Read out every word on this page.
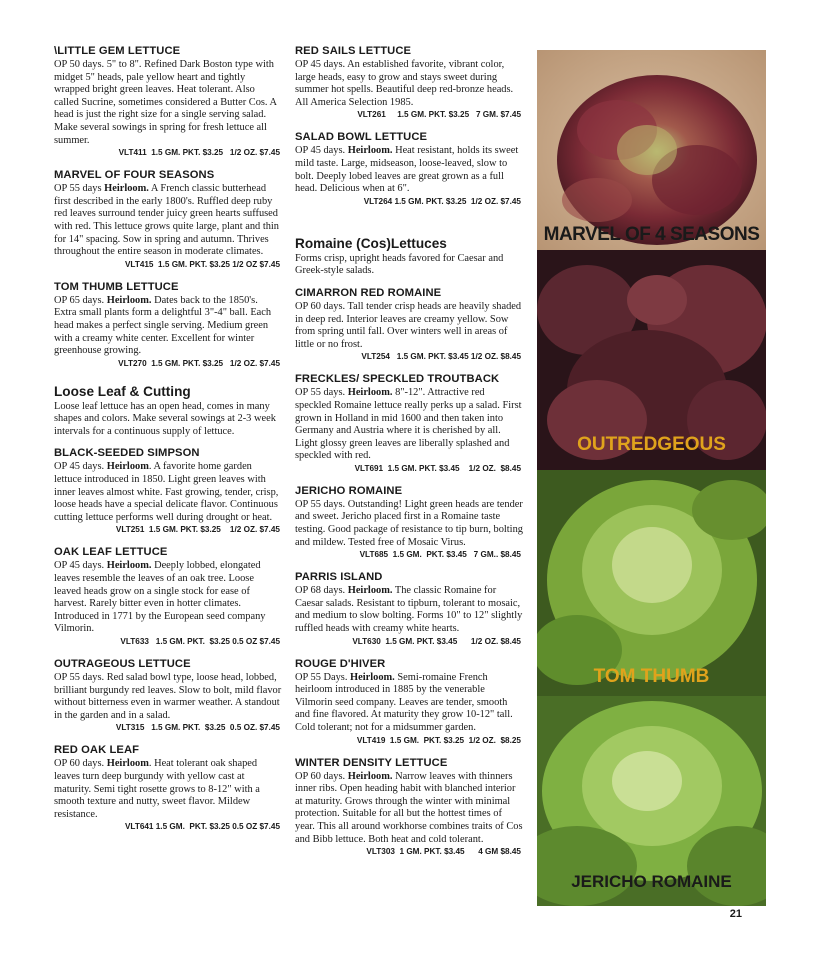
\LITTLE GEM LETTUCE

OP 50 days. 5" to 8". Refined Dark Boston type with midget 5" heads, pale yellow heart and tightly wrapped bright green leaves. Heat tolerant. Also called Sucrine, sometimes considered a Butter Cos. A head is just the right size for a single serving salad. Make several sowings in spring for fresh lettuce all summer.

VLT411  1.5 GM. PKT. $3.25   1/2 OZ. $7.45

MARVEL OF FOUR SEASONS

OP 55 days Heirloom. A French classic butterhead first described in the early 1800's. Ruffled deep ruby red leaves surround tender juicy green hearts suffused with red. This lettuce grows quite large, plant and thin for 14" spacing. Sow in spring and autumn. Thrives throughout the entire season in moderate climates.

VLT415  1.5 GM. PKT. $3.25 1/2 OZ $7.45

TOM THUMB LETTUCE

OP 65 days. Heirloom. Dates back to the 1850's. Extra small plants form a delightful 3"-4" ball. Each head makes a perfect single serving. Medium green with a creamy white center. Excellent for winter greenhouse growing.

VLT270  1.5 GM. PKT. $3.25   1/2 OZ. $7.45

Loose Leaf & Cutting

Loose leaf lettuce has an open head, comes in many shapes and colors. Make several sowings at 2-3 week intervals for a continuous supply of lettuce.

BLACK-SEEDED SIMPSON

OP 45 days. Heirloom. A favorite home garden lettuce introduced in 1850. Light green leaves with inner leaves almost white. Fast growing, tender, crisp, loose heads have a special delicate flavor. Continuous cutting lettuce performs well during drought or heat.

VLT251  1.5 GM. PKT. $3.25    1/2 OZ. $7.45

OAK LEAF LETTUCE

OP 45 days. Heirloom. Deeply lobbed, elongated leaves resemble the leaves of an oak tree. Loose leaved heads grow on a single stock for ease of harvest. Rarely bitter even in hotter climates. Introduced in 1771 by the European seed company Vilmorin.

VLT633   1.5 GM. PKT.  $3.25 0.5 OZ $7.45

OUTRAGEOUS LETTUCE

OP 55 days. Red salad bowl type, loose head, lobbed, brilliant burgundy red leaves. Slow to bolt, mild flavor without bitterness even in warmer weather. A standout in the garden and in a salad.

VLT315   1.5 GM. PKT.  $3.25  0.5 OZ. $7.45

RED OAK LEAF

OP 60 days. Heirloom. Heat tolerant oak shaped leaves turn deep burgundy with yellow cast at maturity. Semi tight rosette grows to 8-12" with a smooth texture and nutty, sweet flavor. Mildew resistance.

VLT641 1.5 GM.  PKT. $3.25 0.5 OZ $7.45

RED SAILS LETTUCE

OP 45 days. An established favorite, vibrant color, large heads, easy to grow and stays sweet during summer hot spells. Beautiful deep red-bronze heads. All America Selection 1985.

VLT261     1.5 GM. PKT. $3.25   7 GM. $7.45

SALAD BOWL LETTUCE

OP 45 days. Heirloom. Heat resistant, holds its sweet mild taste. Large, midseason, loose-leaved, slow to bolt. Deeply lobed leaves are great grown as a full head. Delicious when at 6".

VLT264 1.5 GM. PKT. $3.25  1/2 OZ. $7.45

Romaine (Cos)Lettuces

Forms crisp, upright heads favored for Caesar and Greek-style salads.

CIMARRON RED ROMAINE

OP 60 days. Tall tender crisp heads are heavily shaded in deep red. Interior leaves are creamy yellow. Sow from spring until fall. Over winters well in areas of little or no frost.

VLT254   1.5 GM. PKT. $3.45 1/2 OZ. $8.45

FRECKLES/ SPECKLED TROUTBACK

OP 55 days. Heirloom. 8"-12". Attractive red speckled Romaine lettuce really perks up a salad. First grown in Holland in mid 1600 and then taken into Germany and Austria where it is cherished by all. Light glossy green leaves are liberally splashed and speckled with red.

VLT691  1.5 GM. PKT. $3.45    1/2 OZ.  $8.45

JERICHO ROMAINE

OP 55 days. Outstanding! Light green heads are tender and sweet. Jericho placed first in a Romaine taste testing. Good package of resistance to tip burn, bolting and mildew. Tested free of Mosaic Virus.

VLT685  1.5 GM.  PKT. $3.45   7 GM.. $8.45

PARRIS ISLAND

OP 68 days. Heirloom. The classic Romaine for Caesar salads. Resistant to tipburn, tolerant to mosaic, and medium to slow bolting. Forms 10" to 12" slightly ruffled heads with creamy white hearts.

VLT630  1.5 GM. PKT. $3.45      1/2 OZ. $8.45

ROUGE D'HIVER

OP 55 Days. Heirloom. Semi-romaine French heirloom introduced in 1885 by the venerable Vilmorin seed company. Leaves are tender, smooth and fine flavored. At maturity they grow 10-12" tall. Cold tolerant; not for a midsummer garden.

VLT419  1.5 GM.  PKT. $3.25  1/2 OZ.  $8.25

WINTER DENSITY LETTUCE

OP 60 days. Heirloom. Narrow leaves with thinners inner ribs. Open heading habit with blanched interior at maturity. Grows through the winter with minimal protection. Suitable for all but the hottest times of year. This all around workhorse combines traits of Cos and Bibb lettuce. Both heat and cold tolerant.

VLT303  1 GM. PKT. $3.45      4 GM $8.45
MARVEL OF 4 SEASONS
OUTREDGEOUS
TOM THUMB
JERICHO ROMAINE
21
